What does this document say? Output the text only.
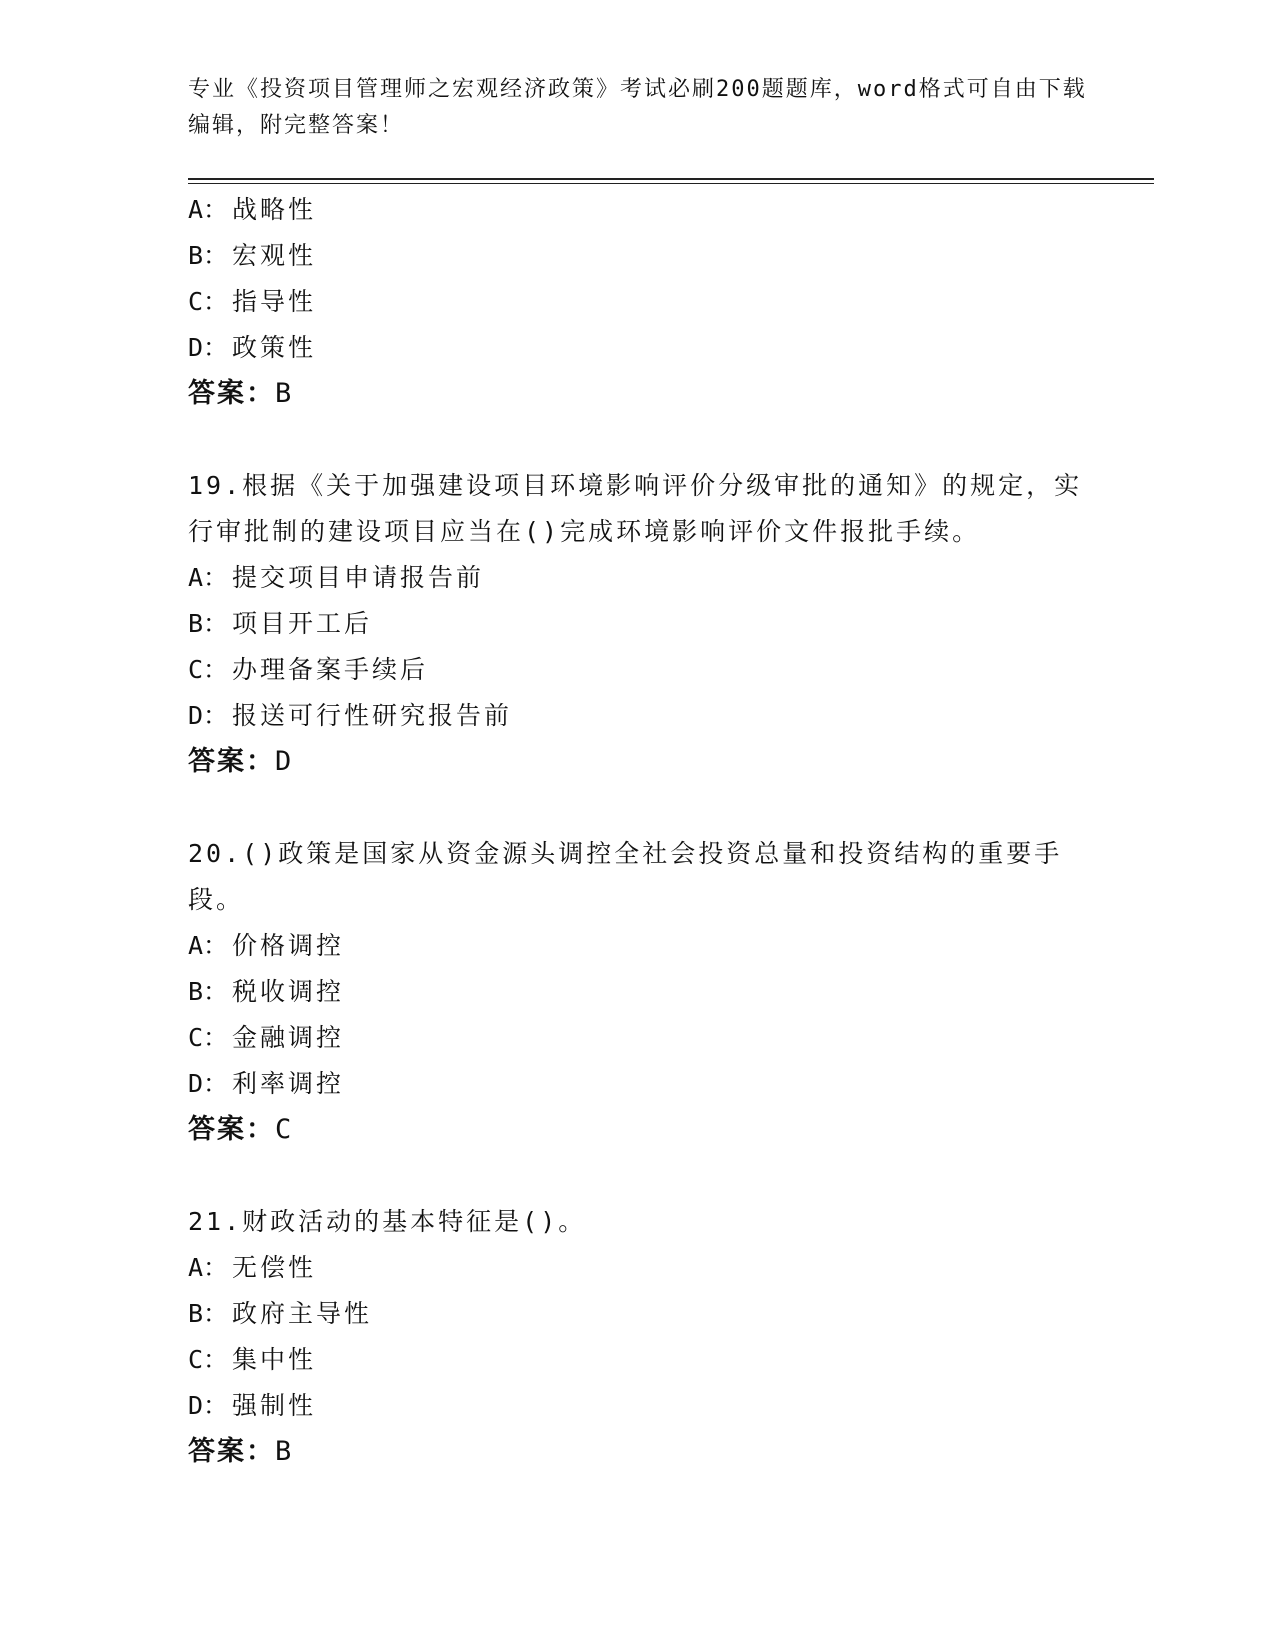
专业《投资项目管理师之宏观经济政策》考试必刷200题题库，word格式可自由下载编辑，附完整答案！
A： 战略性
B： 宏观性
C： 指导性
D： 政策性
答案：B
19.根据《关于加强建设项目环境影响评价分级审批的通知》的规定，实行审批制的建设项目应当在()完成环境影响评价文件报批手续。
A： 提交项目申请报告前
B： 项目开工后
C： 办理备案手续后
D： 报送可行性研究报告前
答案：D
20.()政策是国家从资金源头调控全社会投资总量和投资结构的重要手段。
A： 价格调控
B： 税收调控
C： 金融调控
D： 利率调控
答案：C
21.财政活动的基本特征是()。
A： 无偿性
B： 政府主导性
C： 集中性
D： 强制性
答案：B
